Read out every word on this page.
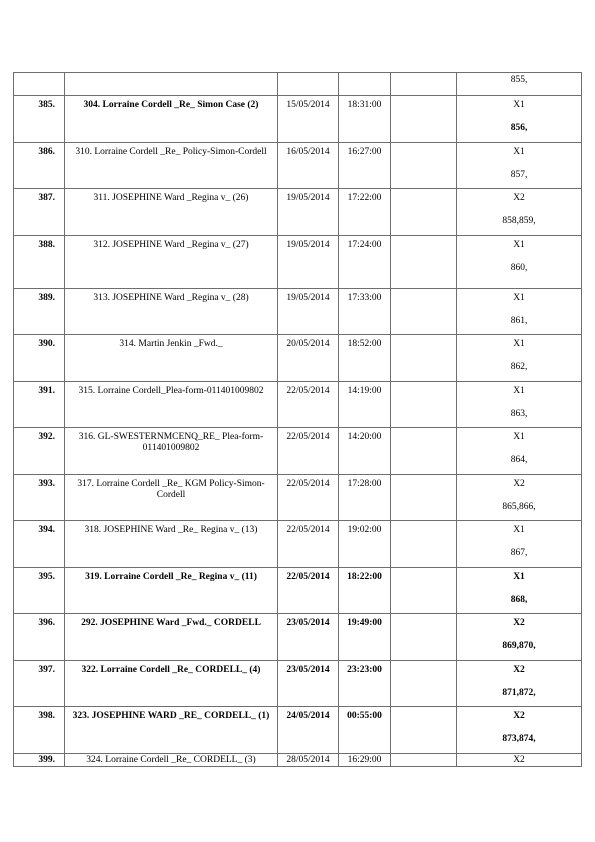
					855,

385.	304. Lorraine Cordell _Re_ Simon Case (2)	15/05/2014	18:31:00		X1
856,

386.	310. Lorraine Cordell _Re_ Policy-Simon-Cordell	16/05/2014	16:27:00		X1
857,

387.	311. JOSEPHINE Ward _Regina v_ (26)	19/05/2014	17:22:00		X2
858,859,

388.	312. JOSEPHINE Ward _Regina v_ (27)	19/05/2014	17:24:00		X1
860,

389.	313. JOSEPHINE Ward _Regina v_ (28)	19/05/2014	17:33:00		X1
861,

390.	314. Martin Jenkin _Fwd._	20/05/2014	18:52:00		X1
862,

391.	315. Lorraine Cordell_Plea-form-011401009802	22/05/2014	14:19:00		X1
863,

392.	316. GL-SWESTERNMCENQ_RE_ Plea-form-011401009802	22/05/2014	14:20:00		X1
864,

393.	317. Lorraine Cordell _Re_ KGM Policy-Simon-Cordell	22/05/2014	17:28:00		X2
865,866,

394.	318. JOSEPHINE Ward _Re_ Regina v_ (13)	22/05/2014	19:02:00		X1
867,

395.	319. Lorraine Cordell _Re_ Regina v_ (11)	22/05/2014	18:22:00		X1
868,

396.	292. JOSEPHINE Ward _Fwd._ CORDELL	23/05/2014	19:49:00		X2
869,870,

397.	322. Lorraine Cordell _Re_ CORDELL_ (4)	23/05/2014	23:23:00		X2
871,872,

398.	323. JOSEPHINE WARD _RE_ CORDELL_ (1)	24/05/2014	00:55:00		X2
873,874,

399.	324. Lorraine Cordell _Re_ CORDELL_ (3)	28/05/2014	16:29:00		X2
